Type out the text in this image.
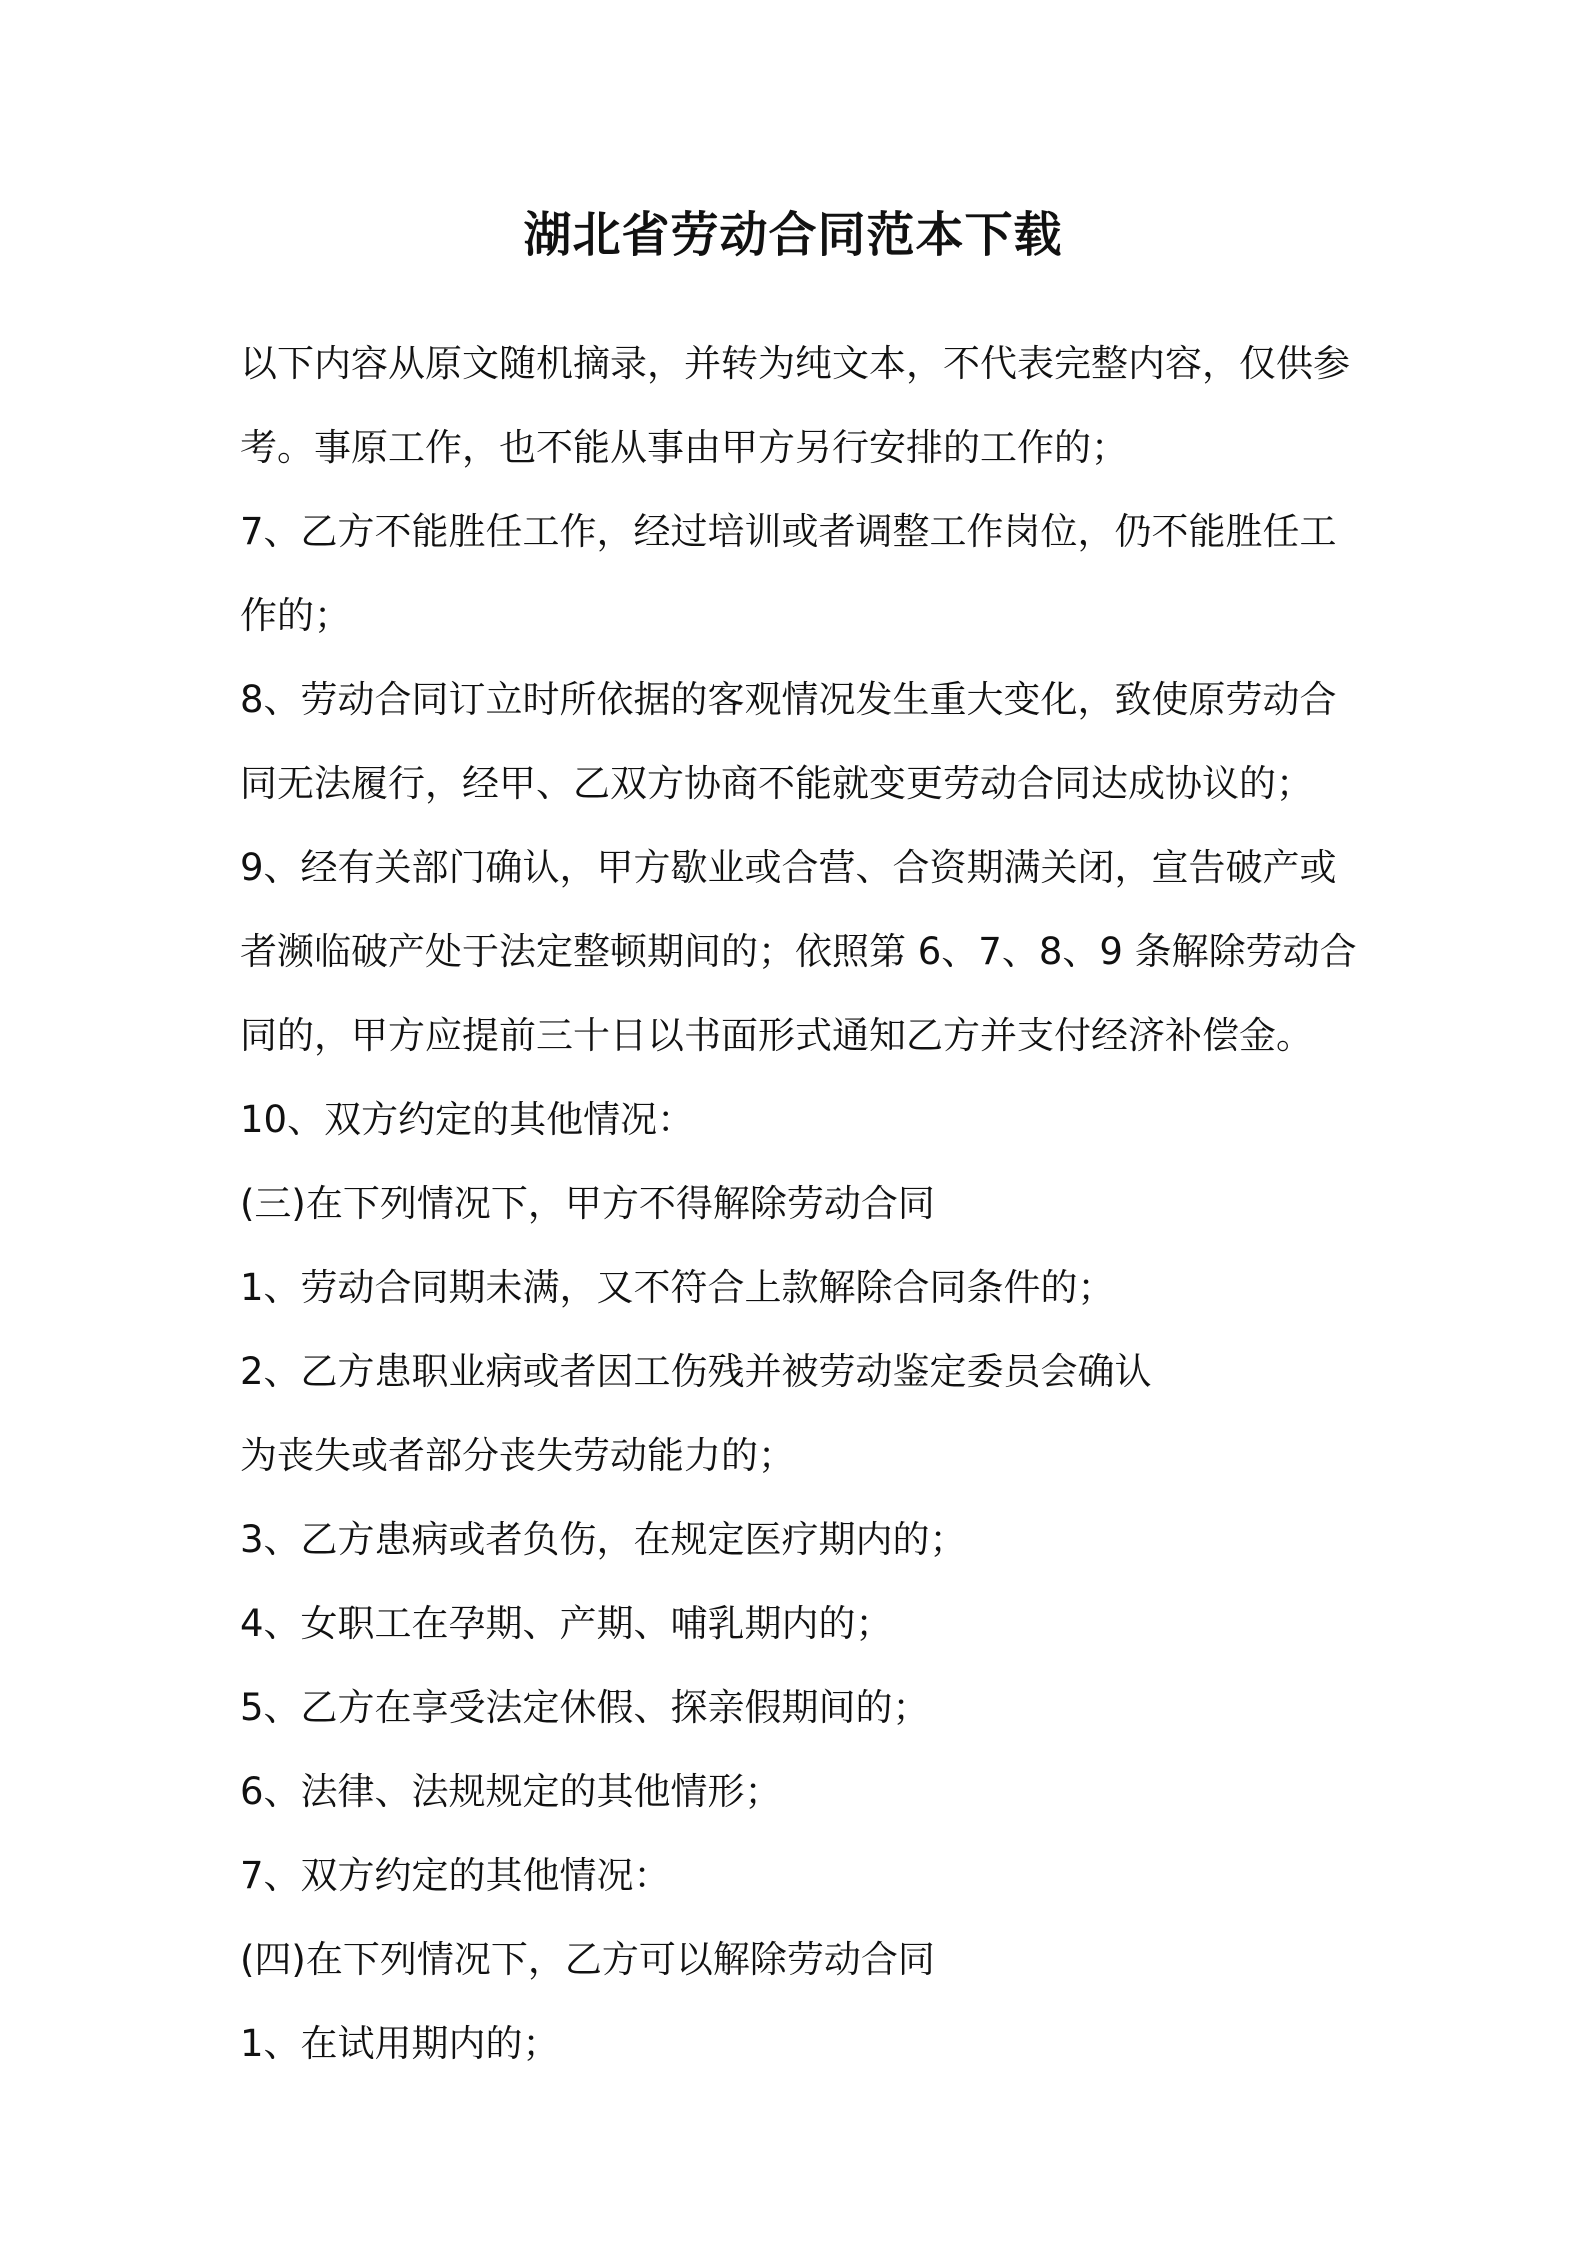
湖北省劳动合同范本下载
以下内容从原文随机摘录，并转为纯文本，不代表完整内容，仅供参
考。事原工作，也不能从事由甲方另行安排的工作的；
7、乙方不能胜任工作，经过培训或者调整工作岗位，仍不能胜任工
作的；
8、劳动合同订立时所依据的客观情况发生重大变化，致使原劳动合
同无法履行，经甲、乙双方协商不能就变更劳动合同达成协议的；
9、经有关部门确认，甲方歇业或合营、合资期满关闭，宣告破产或
者濒临破产处于法定整顿期间的；依照第 6、7、8、9 条解除劳动合
同的，甲方应提前三十日以书面形式通知乙方并支付经济补偿金。
10、双方约定的其他情况：
(三)在下列情况下，甲方不得解除劳动合同
1、劳动合同期未满，又不符合上款解除合同条件的；
2、乙方患职业病或者因工伤残并被劳动鉴定委员会确认
为丧失或者部分丧失劳动能力的；
3、乙方患病或者负伤，在规定医疗期内的；
4、女职工在孕期、产期、哺乳期内的；
5、乙方在享受法定休假、探亲假期间的；
6、法律、法规规定的其他情形；
7、双方约定的其他情况：
(四)在下列情况下，乙方可以解除劳动合同
1、在试用期内的；
